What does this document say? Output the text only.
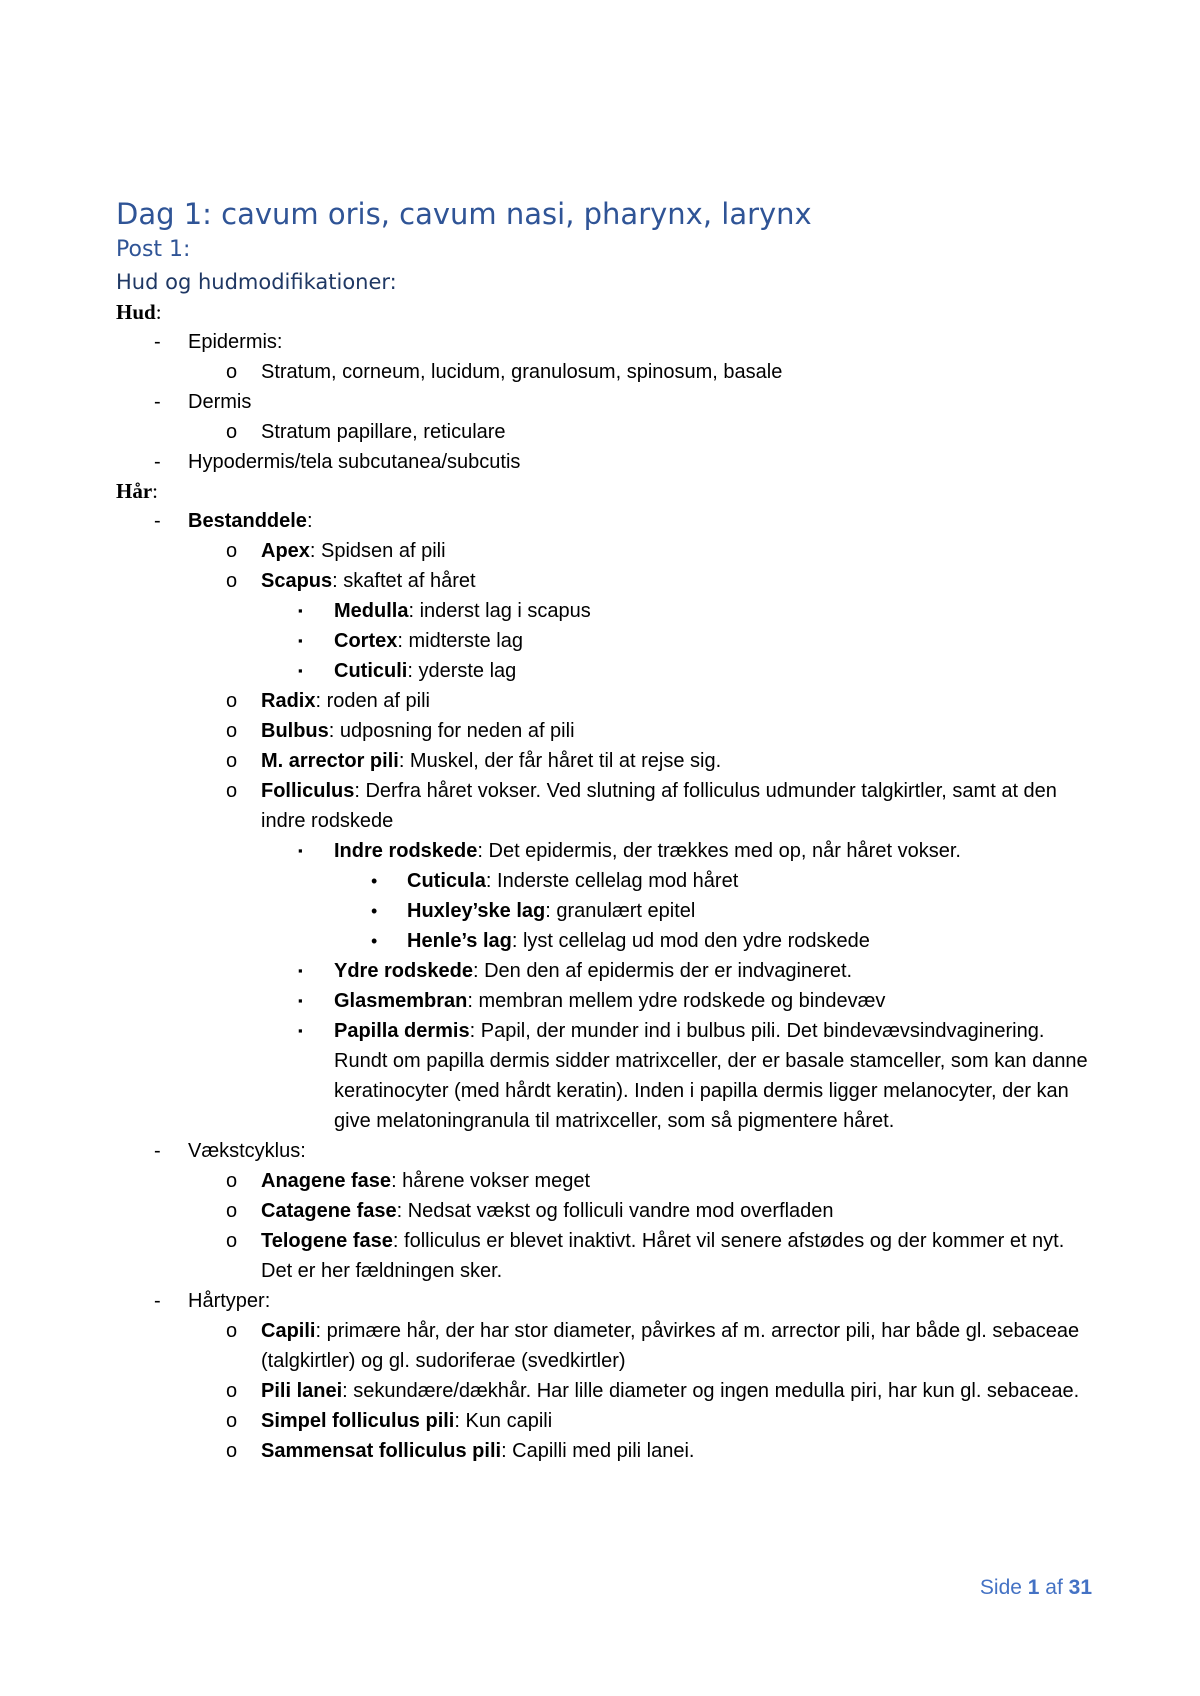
Dag 1: cavum oris, cavum nasi, pharynx, larynx
Post 1:
Hud og hudmodifikationer:
Hud:
-	Epidermis:
o	Stratum, corneum, lucidum, granulosum, spinosum, basale
-	Dermis
o	Stratum papillare, reticulare
-	Hypodermis/tela subcutanea/subcutis
Hår:
-	Bestanddele:
o	Apex: Spidsen af pili
o	Scapus: skaftet af håret
▪	Medulla: inderst lag i scapus
▪	Cortex: midterste lag
▪	Cuticuli: yderste lag
o	Radix: roden af pili
o	Bulbus: udposning for neden af pili
o	M. arrector pili: Muskel, der får håret til at rejse sig.
o	Folliculus: Derfra håret vokser. Ved slutning af folliculus udmunder talgkirtler, samt at den indre rodskede
▪	Indre rodskede: Det epidermis, der trækkes med op, når håret vokser.
•	Cuticula: Inderste cellelag mod håret
•	Huxley’ske lag: granulært epitel
•	Henle’s lag: lyst cellelag ud mod den ydre rodskede
▪	Ydre rodskede: Den den af epidermis der er indvagineret.
▪	Glasmembran: membran mellem ydre rodskede og bindevæv
▪	Papilla dermis: Papil, der munder ind i bulbus pili. Det bindevævsindvaginering. Rundt om papilla dermis sidder matrixceller, der er basale stamceller, som kan danne keratinocyter (med hårdt keratin). Inden i papilla dermis ligger melanocyter, der kan give melatoningranula til matrixceller, som så pigmentere håret.
-	Vækstcyklus:
o	Anagene fase: hårene vokser meget
o	Catagene fase: Nedsat vækst og folliculi vandre mod overfladen
o	Telogene fase: folliculus er blevet inaktivt. Håret vil senere afstødes og der kommer et nyt. Det er her fældningen sker.
-	Hårtyper:
o	Capili: primære hår, der har stor diameter, påvirkes af m. arrector pili, har både gl. sebaceae (talgkirtler) og gl. sudoriferae (svedkirtler)
o	Pili lanei: sekundære/dækhår. Har lille diameter og ingen medulla piri, har kun gl. sebaceae.
o	Simpel folliculus pili: Kun capili
o	Sammensat folliculus pili: Capilli med pili lanei.
Side 1 af 31
